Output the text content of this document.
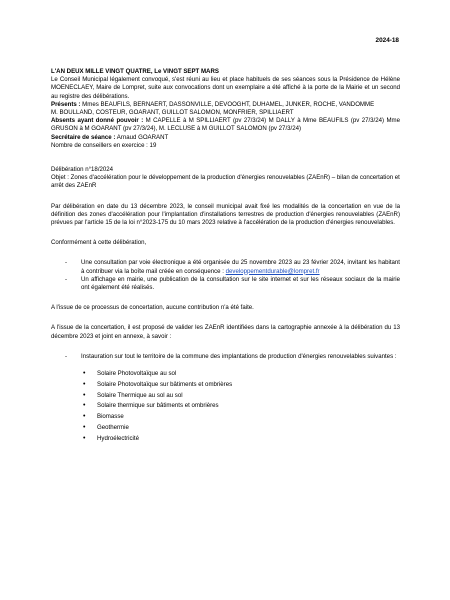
2024-18

L'AN DEUX MILLE VINGT QUATRE, Le VINGT SEPT MARS

Le Conseil Municipal légalement convoqué, s'est réuni au lieu et place habituels de ses séances sous la Présidence de Hélène MOENECLAEY, Maire de Lompret, suite aux convocations dont un exemplaire a été affiché à la porte de la Mairie et un second au registre des délibérations.

Présents : Mmes BEAUFILS, BERNAERT, DASSONVILLE, DEVOOGHT, DUHAMEL, JUNKER, ROCHE, VANDOMME

M. BOULLAND, COSTEUR, GOARANT, GUILLOT SALOMON, MONFRIER, SPILLIAERT

Absents ayant donné pouvoir : M CAPELLE à M SPILLIAERT (pv 27/3/24) M DALLY à Mme BEAUFILS (pv 27/3/24) Mme GRUSON à M GOARANT (pv 27/3/24), M. LECLUSE à M GUILLOT SALOMON (pv 27/3/24)

Secrétaire de séance : Arnaud GOARANT

Nombre de conseillers en exercice : 19

Délibération n°18/2024

Objet : Zones d'accélération pour le développement de la production d'énergies renouvelables (ZAEnR) – bilan de concertation et arrêt des ZAEnR

Par délibération en date du 13 décembre 2023, le conseil municipal avait fixé les modalités de la concertation en vue de la définition des zones d'accélération pour l'implantation d'installations terrestres de production d'énergies renouvelables (ZAEnR) prévues par l'article 15 de la loi n°2023-175 du 10 mars 2023 relative à l'accélération de la production d'énergies renouvelables.

Conformément à cette délibération,

- Une consultation par voie électronique a été organisée du 25 novembre 2023 au 23 février 2024, invitant les habitant à contribuer via la boîte mail créée en conséquence : developpementdurable@lompret.fr
- Un affichage en mairie, une publication de la consultation sur le site internet et sur les réseaux sociaux de la mairie ont également été réalisés.

A l'issue de ce processus de concertation, aucune contribution n'a été faite.

A l'issue de la concertation, il est proposé de valider les ZAEnR identifiées dans la cartographie annexée à la délibération du 13 décembre 2023 et joint en annexe, à savoir :

- Instauration sur tout le territoire de la commune des implantations de production d'énergies renouvelables suivantes :
• Solaire Photovoltaïque au sol
• Solaire Photovoltaïque sur bâtiments et ombrières
• Solaire Thermique au sol au sol
• Solaire thermique sur bâtiments et ombrières
• Biomasse
• Geothermie
• Hydroélectricité
